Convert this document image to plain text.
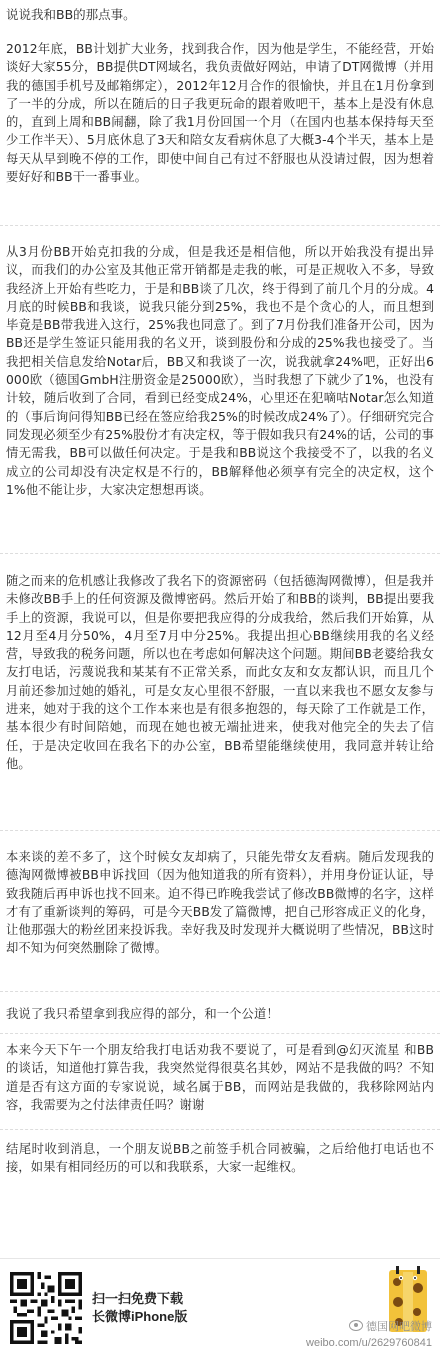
说说我和BB的那点事。
2012年底，BB计划扩大业务，找到我合作，因为他是学生，不能经营，开始谈好大家55分，BB提供DT网域名，我负责做好网站，申请了DT网微博（并用我的德国手机号及邮箱绑定），2012年12月合作的很愉快，并且在1月份拿到了一半的分成，所以在随后的日子我更玩命的跟着败吧干，基本上是没有休息的，直到上周和BB闹翻，除了我1月份回国一个月（在国内也基本保持每天至少工作半天）、5月底休息了3天和陪女友看病休息了大概3-4个半天，基本上是每天从早到晚不停的工作，即使中间自己有过不舒服也从没请过假，因为想着要好好和BB干一番事业。
从3月份BB开始克扣我的分成，但是我还是相信他，所以开始我没有提出异议，而我们的办公室及其他正常开销都是走我的帐，可是正规收入不多，导致我经济上开始有些吃力，于是和BB谈了几次，终于得到了前几个月的分成。4月底的时候BB和我谈，说我只能分到25%，我也不是个贪心的人，而且想到毕竟是BB带我进入这行，25%我也同意了。到了7月份我们准备开公司，因为BB还是学生签证只能用我的名义开，谈到股份和分成的25%我也接受了。当我把相关信息发给Notar后，BB又和我谈了一次，说我就拿24%吧，正好出6000欧（德国GmbH注册资金是25000欧），当时我想了下就少了1%，也没有计较，随后收到了合同，看到已经变成24%，心里还在犯嘀咕Notar怎么知道的（事后询问得知BB已经在签应给我25%的时候改成24%了）。仔细研究完合同发现必须至少有25%股份才有决定权，等于假如我只有24%的话，公司的事情无需我，BB可以做任何决定。于是我和BB说这个我接受不了，以我的名义成立的公司却没有决定权是不行的，BB解释他必须享有完全的决定权，这个1%他不能让步，大家决定想想再谈。
随之而来的危机感让我修改了我名下的资源密码（包括德淘网微博），但是我并未修改BB手上的任何资源及微博密码。然后开始了和BB的谈判，BB提出要我手上的资源，我说可以，但是你要把我应得的分成我给，然后我们开始算，从12月至4月分50%，4月至7月中分25%。我提出担心BB继续用我的名义经营，导致我的税务问题，所以也在考虑如何解决这个问题。期间BB老婆给我女友打电话，污蔑说我和某某有不正常关系，而此女友和女友都认识，而且几个月前还参加过她的婚礼，可是女友心里很不舒服，一直以来我也不愿女友参与进来，她对于我的这个工作本来也是有很多抱怨的，每天除了工作就是工作，基本很少有时间陪她，而现在她也被无端扯进来，使我对他完全的失去了信任，于是决定收回在我名下的办公室，BB希望能继续使用，我同意并转让给他。
本来谈的差不多了，这个时候女友却病了，只能先带女友看病。随后发现我的德淘网微博被BB申诉找回（因为他知道我的所有资料），并用身份证认证，导致我随后再申诉也找不回来。迫不得已昨晚我尝试了修改BB微博的名字，这样才有了重新谈判的筹码，可是今天BB发了篇微博，把自己形容成正义的化身，让他那强大的粉丝团来投诉我。幸好我及时发现并大概说明了些情况，BB这时却不知为何突然删除了微博。
我说了我只希望拿到我应得的部分，和一个公道！
本来今天下午一个朋友给我打电话劝我不要说了，可是看到@幻灭流星 和BB的谈话，知道他打算告我，我突然觉得很莫名其妙，网站不是我做的吗？不知道是否有这方面的专家说说，域名属于BB，而网站是我做的，我移除网站内容，我需要为之付法律责任吗？谢谢
结尾时收到消息，一个朋友说BB之前签手机合同被骗，之后给他打电话也不接，如果有相同经历的可以和我联系，大家一起维权。
扫一扫免费下载
长微博iPhone版
德国网吧微博
weibo.com/u/2629760841
